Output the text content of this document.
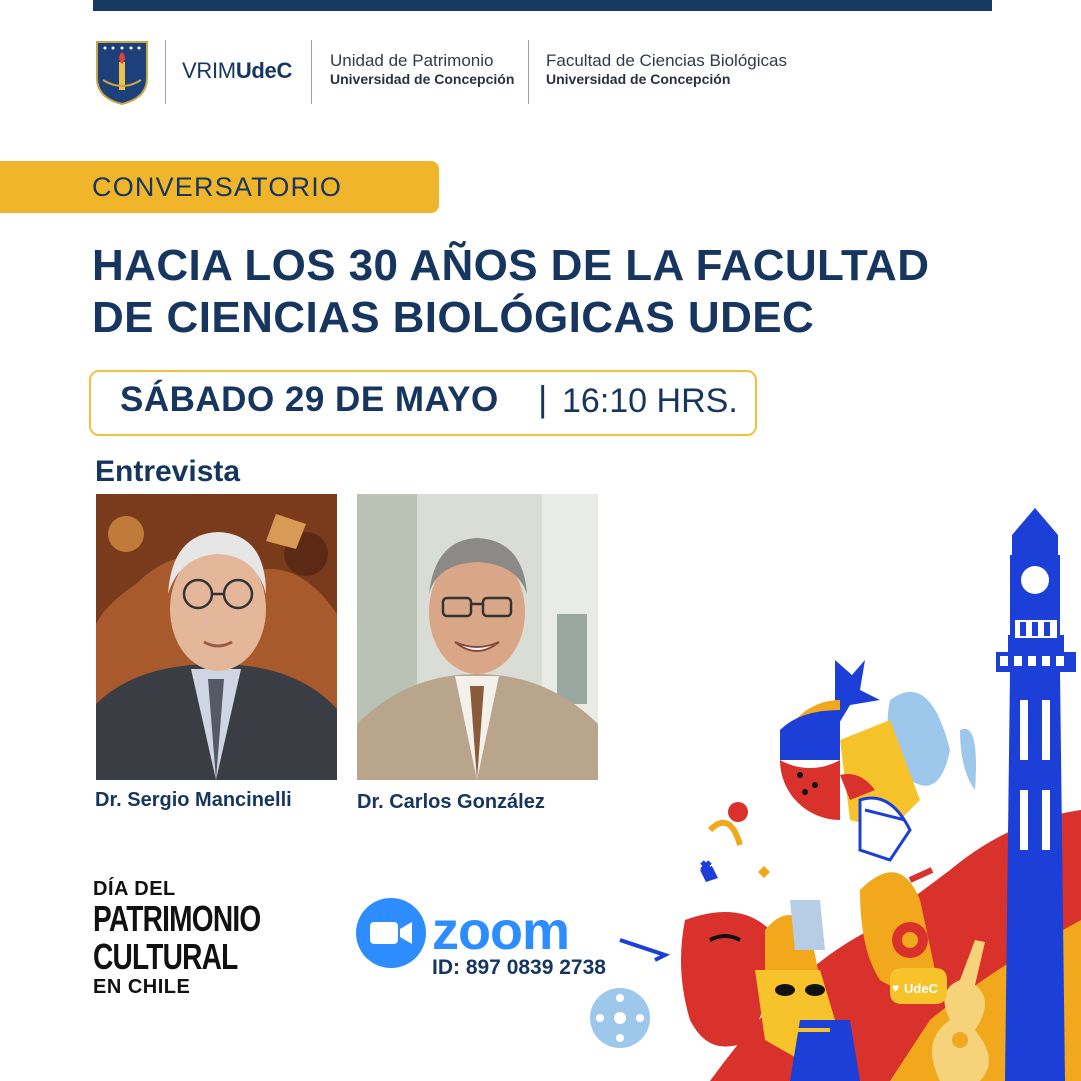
VRIMUdeC Unidad de Patrimonio
Universidad de Concepción
Facultad de Ciencias Biológicas
Universidad de Concepción
CONVERSATORIO
HACIA LOS 30 AÑOS DE LA FACULTAD
DE CIENCIAS BIOLÓGICAS UDEC
SÁBADO 29 DE MAYO | 16:10 HRS.
Entrevista
Dr. Sergio Mancinelli	Dr. Carlos González
DÍA DEL
PATRIMONIO
CULTURAL
EN CHILE
zoom
ID: 897 0839 2738
♥ UdeC
